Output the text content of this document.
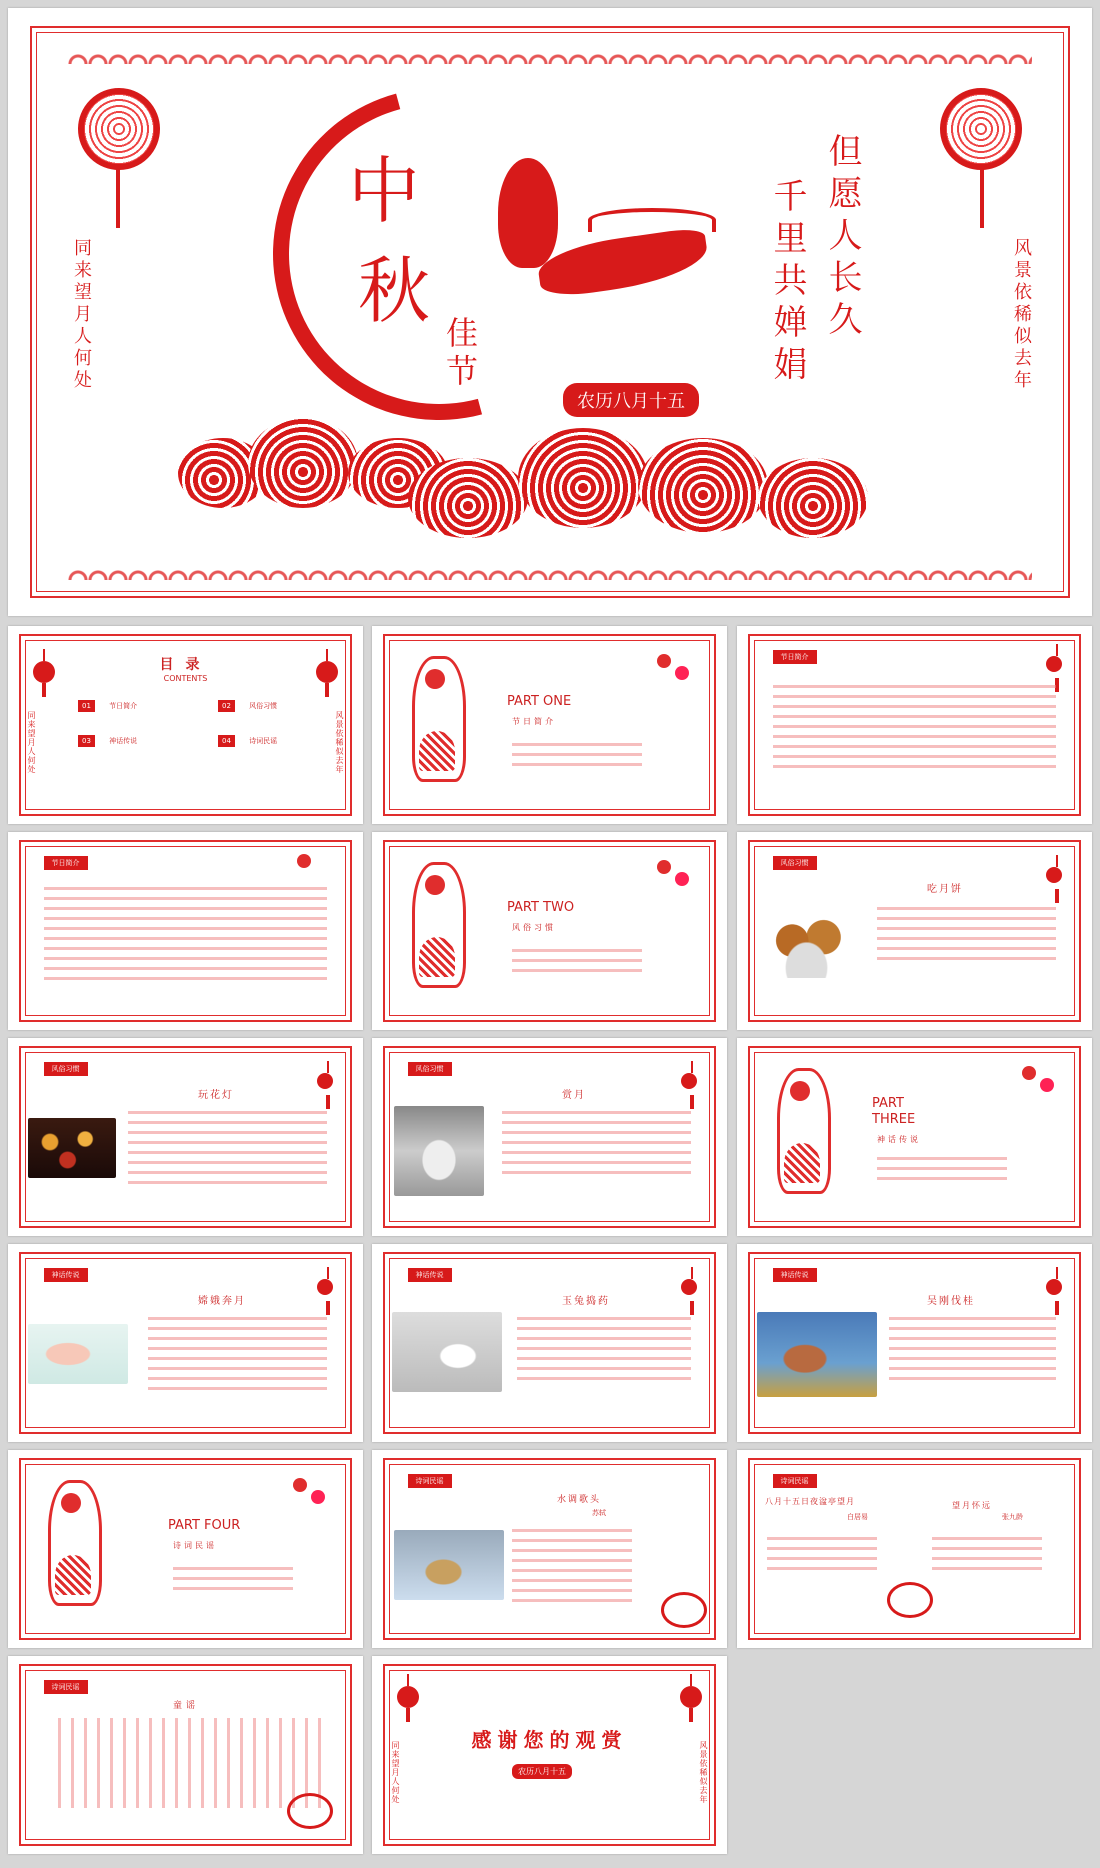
同来望月人何处	风景依稀似去年
中
秋 佳
节
但愿人长久
千里共婵娟
农历八月十五
同来望月人何处	风景依稀似去年
目录
CONTENTS
01	节日简介	02	风俗习惯
03	神话传说	04	诗词民谣
PART ONE
节日简介
节日简介
节日简介
PART TWO
风俗习惯
风俗习惯
吃月饼
风俗习惯
玩花灯
风俗习惯
赏月
PART THREE
神话传说
神话传说
嫦娥奔月
神话传说
玉兔捣药
神话传说
吴刚伐桂
PART FOUR
诗词民谣
诗词民谣
水调歌头
苏轼
诗词民谣
八月十五日夜湓亭望月
白居易
望月怀远
张九龄
诗词民谣
童谣
同来望月人何处	风景依稀似去年
感谢您的观赏
农历八月十五
